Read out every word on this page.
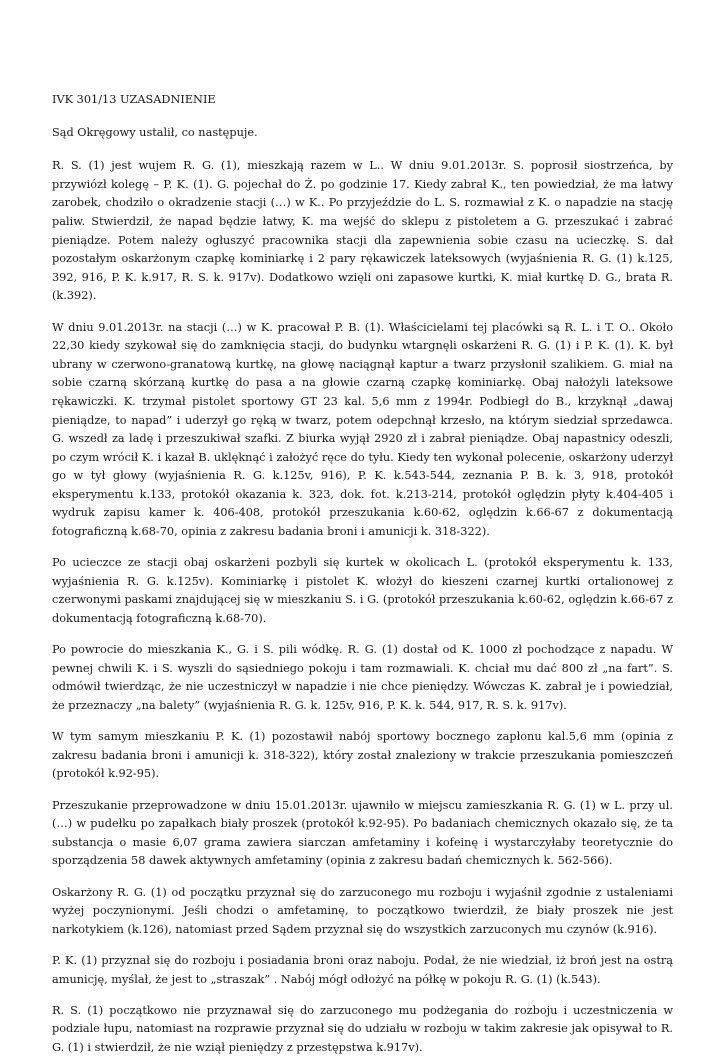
IVK 301/13 UZASADNIENIE

Sąd Okręgowy ustalił, co następuje.

R. S. (1) jest wujem R. G. (1), mieszkają razem w L.. W dniu 9.01.2013r. S. poprosił siostrzeńca, by przywiózł kolegę – P. K. (1). G. pojechał do Ż. po godzinie 17. Kiedy zabrał K., ten powiedział, że ma łatwy zarobek, chodziło o okradzenie stacji (…) w K.. Po przyjeździe do L. S. rozmawiał z K. o napadzie na stację paliw. Stwierdził, że napad będzie łatwy, K. ma wejść do sklepu z pistoletem a G. przeszukać i zabrać pieniądze. Potem należy ogłuszyć pracownika stacji dla zapewnienia sobie czasu na ucieczkę. S. dał pozostałym oskarżonym czapkę kominiarkę i 2 pary rękawiczek lateksowych (wyjaśnienia R. G. (1) k.125, 392, 916, P. K. k.917, R. S. k. 917v). Dodatkowo wzięli oni zapasowe kurtki, K. miał kurtkę D. G., brata R. (k.392).

W dniu 9.01.2013r. na stacji (…) w K. pracował P. B. (1). Właścicielami tej placówki są R. L. i T. O.. Około 22,30 kiedy szykował się do zamknięcia stacji, do budynku wtargnęli oskarżeni R. G. (1) i P. K. (1). K. był ubrany w czerwono-granatową kurtkę, na głowę naciągnął kaptur a twarz przysłonił szalikiem. G. miał na sobie czarną skórzaną kurtkę do pasa a na głowie czarną czapkę kominiarkę. Obaj nałożyli lateksowe rękawiczki. K. trzymał pistolet sportowy GT 23 kal. 5,6 mm z 1994r. Podbiegł do B., krzyknął „dawaj pieniądze, to napad” i uderzył go ręką w twarz, potem odepchnął krzesło, na którym siedział sprzedawca. G. wszedł za ladę i przeszukiwał szafki. Z biurka wyjął 2920 zł i zabrał pieniądze. Obaj napastnicy odeszli, po czym wrócił K. i kazał B. uklęknąć i założyć ręce do tyłu. Kiedy ten wykonał polecenie, oskarżony uderzył go w tył głowy (wyjaśnienia R. G. k.125v, 916), P. K. k.543-544, zeznania P. B. k. 3, 918, protokół eksperymentu k.133, protokół okazania k. 323, dok. fot. k.213-214, protokół oględzin płyty k.404-405 i wydruk zapisu kamer k. 406-408, protokół przeszukania k.60-62, oględzin k.66-67 z dokumentacją fotograficzną k.68-70, opinia z zakresu badania broni i amunicji k. 318-322).

Po ucieczce ze stacji obaj oskarżeni pozbyli się kurtek w okolicach L. (protokół eksperymentu k. 133, wyjaśnienia R. G. k.125v). Kominiarkę i pistolet K. włożył do kieszeni czarnej kurtki ortalionowej z czerwonymi paskami znajdującej się w mieszkaniu S. i G. (protokół przeszukania k.60-62, oględzin k.66-67 z dokumentacją fotograficzną k.68-70).

Po powrocie do mieszkania K., G. i S. pili wódkę. R. G. (1) dostał od K. 1000 zł pochodzące z napadu. W pewnej chwili K. i S. wyszli do sąsiedniego pokoju i tam rozmawiali. K. chciał mu dać 800 zł „na fart”. S. odmówił twierdząc, że nie uczestniczył w napadzie i nie chce pieniędzy. Wówczas K. zabrał je i powiedział, że przeznaczy „na balety” (wyjaśnienia R. G. k. 125v, 916, P. K. k. 544, 917, R. S. k. 917v).

W tym samym mieszkaniu P. K. (1) pozostawił nabój sportowy bocznego zapłonu kal.5,6 mm (opinia z zakresu badania broni i amunicji k. 318-322), który został znaleziony w trakcie przeszukania pomieszczeń (protokół k.92-95).

Przeszukanie przeprowadzone w dniu 15.01.2013r. ujawniło w miejscu zamieszkania R. G. (1) w L. przy ul. (…) w pudełku po zapałkach biały proszek (protokół k.92-95). Po badaniach chemicznych okazało się, że ta substancja o masie 6,07 grama zawiera siarczan amfetaminy i kofeinę i wystarczyłaby teoretycznie do sporządzenia 58 dawek aktywnych amfetaminy (opinia z zakresu badań chemicznych k. 562-566).

Oskarżony R. G. (1) od początku przyznał się do zarzuconego mu rozboju i wyjaśnił zgodnie z ustaleniami wyżej poczynionymi. Jeśli chodzi o amfetaminę, to początkowo twierdził, że biały proszek nie jest narkotykiem (k.126), natomiast przed Sądem przyznał się do wszystkich zarzuconych mu czynów (k.916).

P. K. (1) przyznał się do rozboju i posiadania broni oraz naboju. Podał, że nie wiedział, iż broń jest na ostrą amunicję, myślał, że jest to „straszak” . Nabój mógł odłożyć na półkę w pokoju R. G. (1) (k.543).

R. S. (1) początkowo nie przyznawał się do zarzuconego mu podżegania do rozboju i uczestniczenia w podziale łupu, natomiast na rozprawie przyznał się do udziału w rozboju w takim zakresie jak opisywał to R. G. (1) i stwierdził, że nie wziął pieniędzy z przestępstwa k.917v).
